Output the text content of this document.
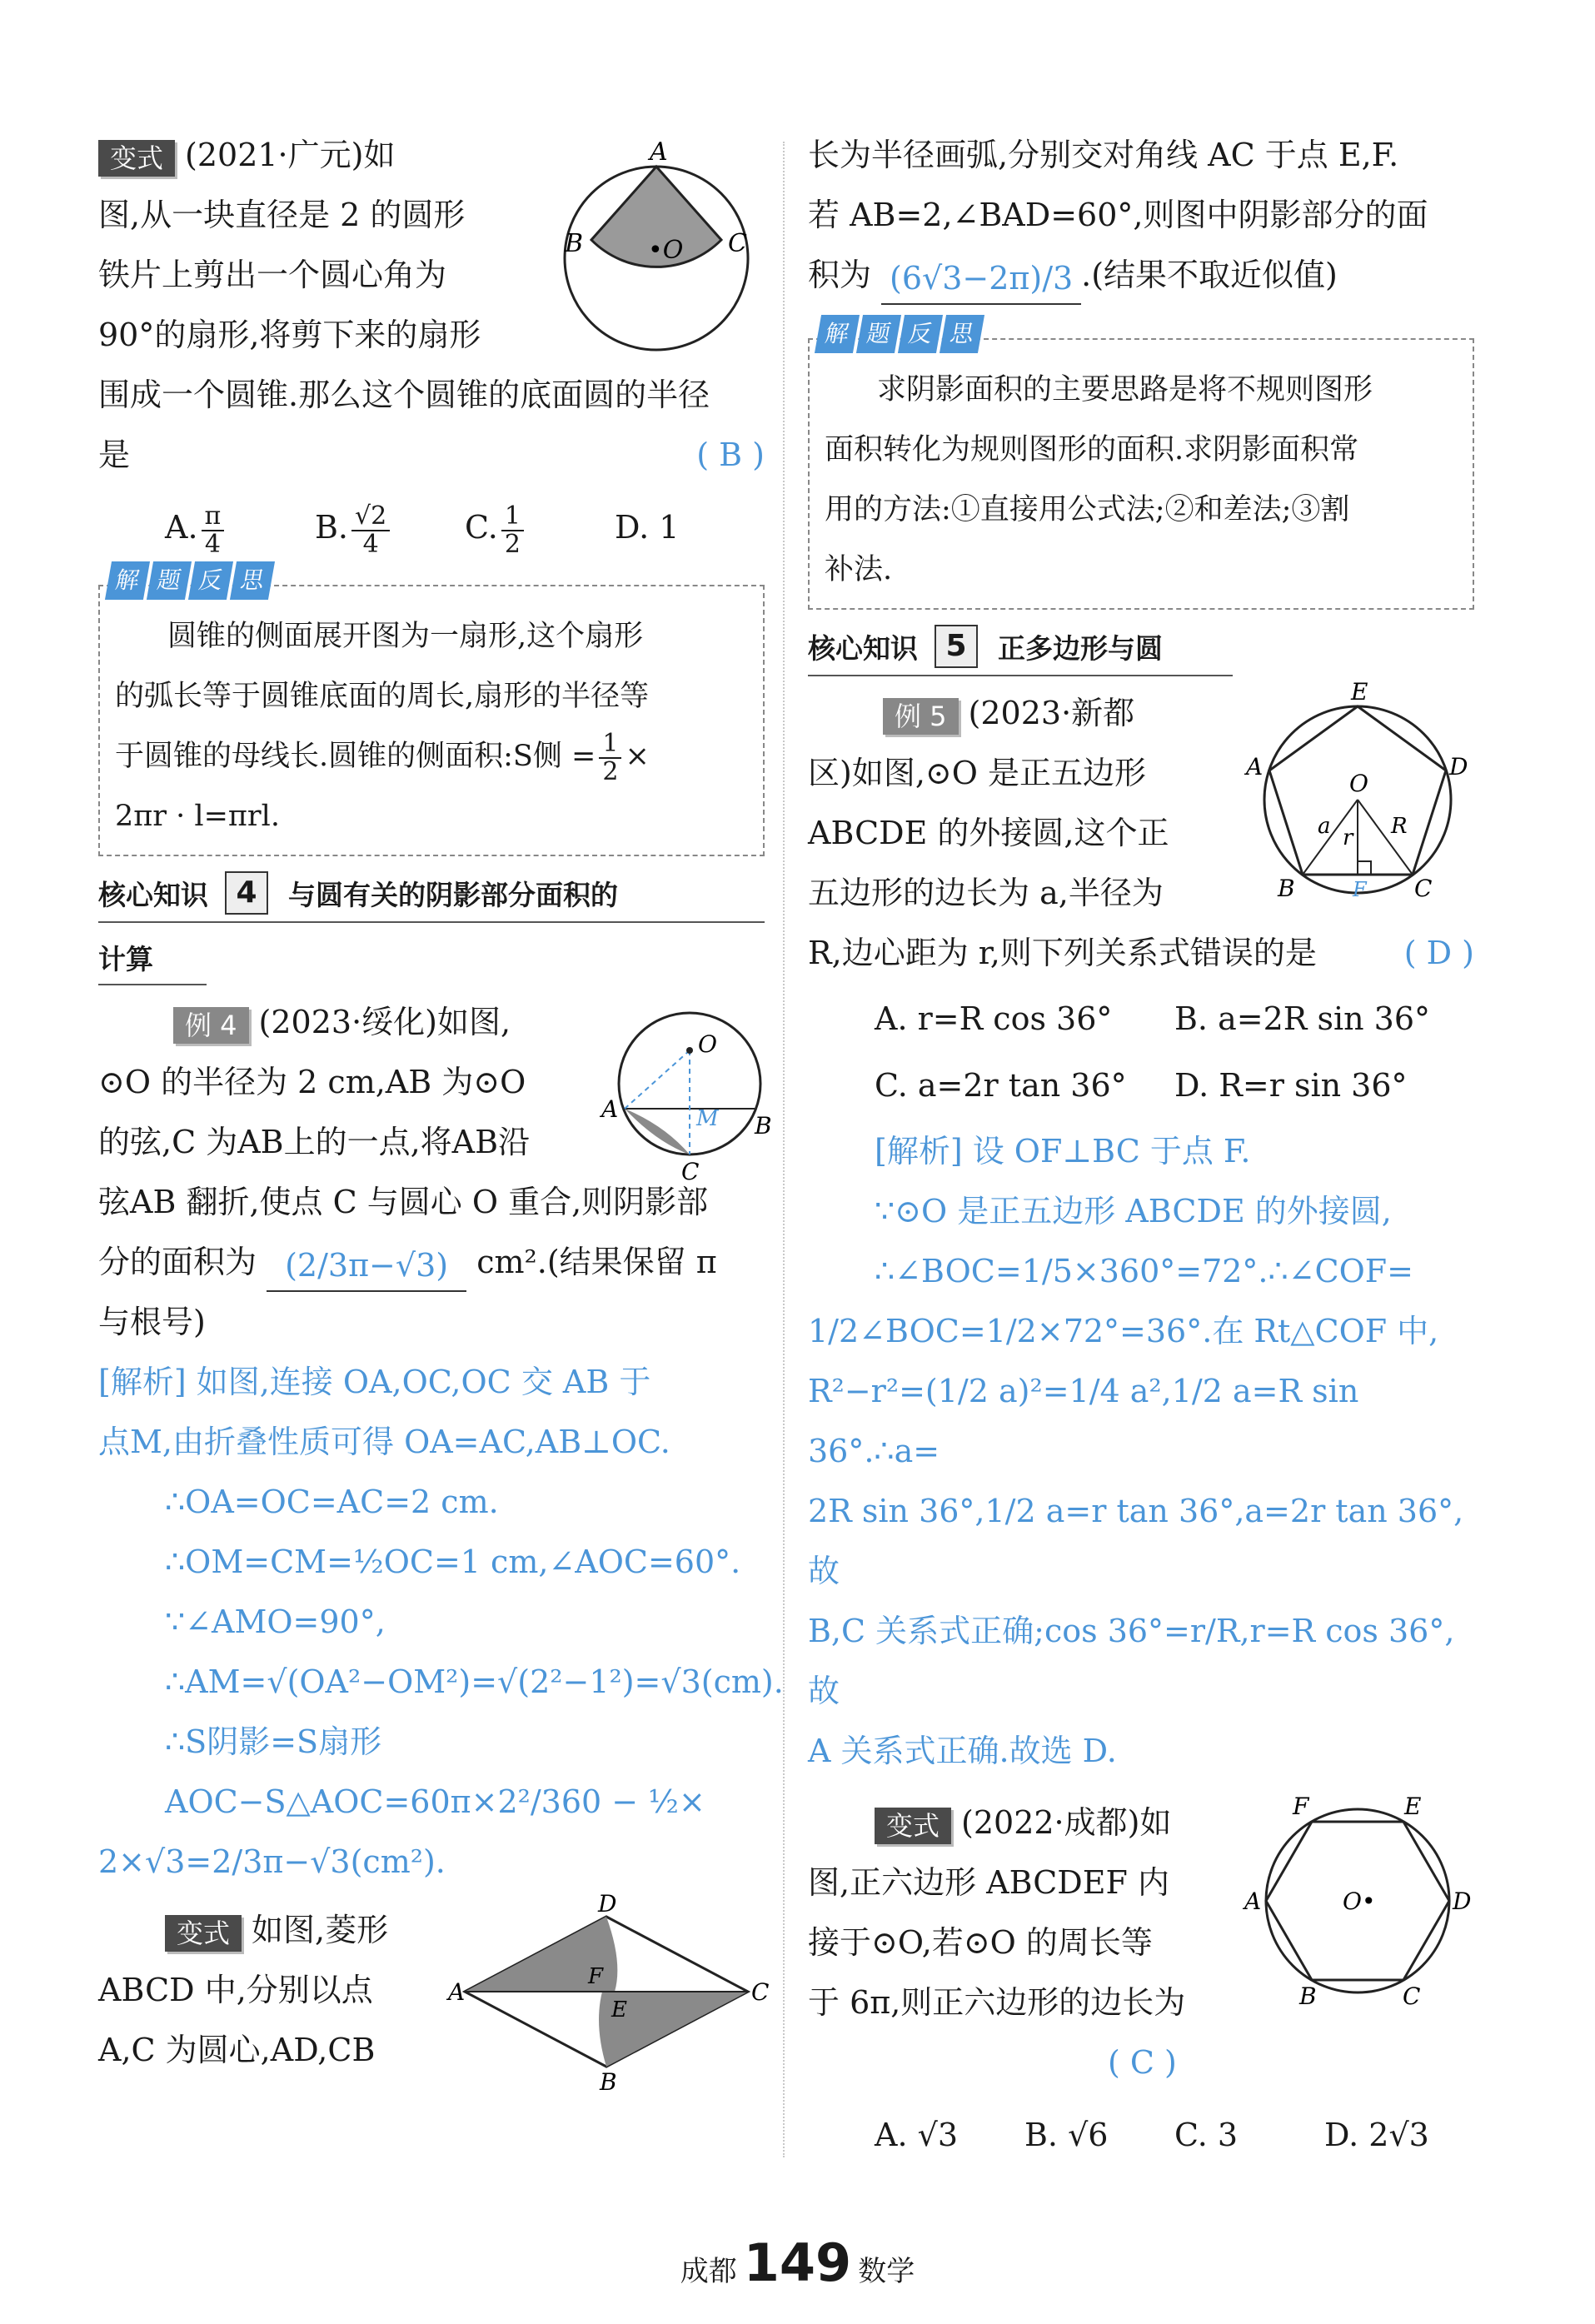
变式 (2021·广元)如

图,从一块直径是 2 的圆形

铁片上剪出一个圆心角为

90°的扇形,将剪下来的扇形

围成一个圆锥.那么这个圆锥的底面圆的半径

是	( B )

A. $\frac{\pi}{4}$	B. $\frac{√2}{4} C$. $\frac{1}{2}$	D. 1
A
B	C
•O
解 题 反 思

圆锥的侧面展开图为一扇形,这个扇形

的弧长等于圆锥底面的周长,扇形的半径等

于圆锥的母线长.圆锥的侧面积:S侧 = $\frac{1}{2}$ ×

2πr · l=πrl.

核心知识 4	与圆有关的阴影部分面积的
计算

例 4 (2023·绥化)如图,

⊙O 的半径为 2 cm,AB 为⊙O

的弦,C 为AB上的一点,将AB沿

弦AB 翻折,使点 C 与圆心 O 重合,则阴影部

分的面积为 (2/3π−√3) cm².(结果保留 π

与根号)

O
A
B
C
M

[解析] 如图,连接 OA,OC,OC 交 AB 于

点M,由折叠性质可得 OA=AC,AB⊥OC.

∴OA=OC=AC=2 cm.

∴OM=CM=½OC=1 cm,∠AOC=60°.

∵∠AMO=90°,

∴AM=√(OA²−OM²)=√(2²−1²)=√3(cm).

∴S阴影=S扇形AOC−S△AOC=60π×2²/360 − ½×

2×√3=2/3π−√3(cm²).

变式 如图,菱形

ABCD 中,分别以点

A,C 为圆心,AD,CB

D
A	C
B
F
E

长为半径画弧,分别交对角线 AC 于点 E,F.

若 AB=2,∠BAD=60°,则图中阴影部分的面

积为 (6√3−2π)/3 .(结果不取近似值)

解 题 反 思

求阴影面积的主要思路是将不规则图形

面积转化为规则图形的面积.求阴影面积常

用的方法:①直接用公式法;②和差法;③割

补法.

核心知识 5	正多边形与圆

例 5 (2023·新都

区)如图,⊙O 是正五边形

ABCDE 的外接圆,这个正

五边形的边长为 a,半径为

R,边心距为 r,则下列关系式错误的是	( D )

A. r=R cos 36°	B. a=2R sin 36°
C. a=2r tan 36°	D. R=r sin 36°
E
D
A
B	C
O
R
a r
F

[解析] 设 OF⊥BC 于点 F.

∵⊙O 是正五边形 ABCDE 的外接圆,

∴∠BOC=1/5×360°=72°.∴∠COF=

1/2∠BOC=1/2×72°=36°.在 Rt△COF 中,

R²−r²=(1/2 a)²=1/4 a²,1/2 a=R sin 36°.∴a=

2R sin 36°,1/2 a=r tan 36°,a=2r tan 36°,故

B,C 关系式正确;cos 36°=r/R,r=R cos 36°,故

A 关系式正确.故选 D.

变式 (2022·成都)如

图,正六边形 ABCDEF 内

接于⊙O,若⊙O 的周长等

于 6π,则正六边形的边长为

( C )

A. √3	B. √6	C. 3	D. 2√3
F	E
D
A
B	C
O•
成都 149 数学
